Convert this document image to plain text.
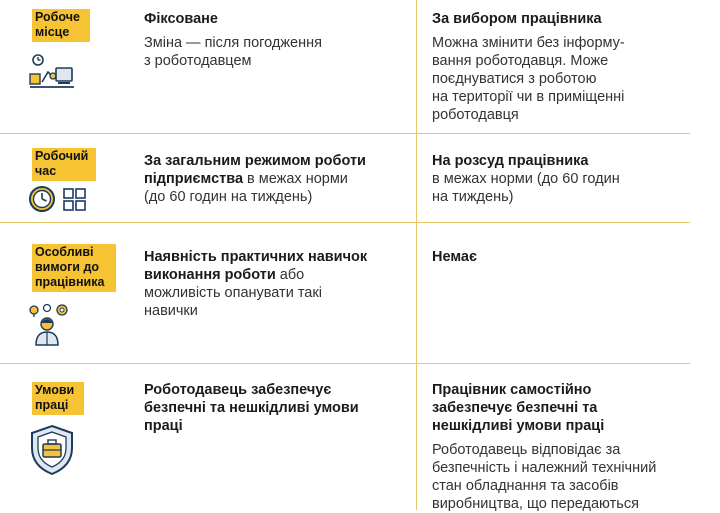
Робоче
місце
Фіксоване
Зміна — після погодження
з роботодавцем
За вибором працівника
Можна змінити без інформу-
вання роботодавця. Може
поєднуватися з роботою
на території чи в приміщенні
роботодавця
Робочий
час
За загальним режимом роботи
підприємства в межах норми
(до 60 годин на тиждень)
На розсуд працівника
в межах норми (до 60 годин
на тиждень)
Особливі
вимоги до
працівника
Наявність практичних навичок
виконання роботи або
можливість опанувати такі
навички
Немає
Умови
праці
Роботодавець забезпечує
безпечні та нешкідливі умови
праці
Працівник самостійно
забезпечує безпечні та
нешкідливі умови праці
Роботодавець відповідає за
безпечність і належний технічний
стан обладнання та засобів
виробництва, що передаються
